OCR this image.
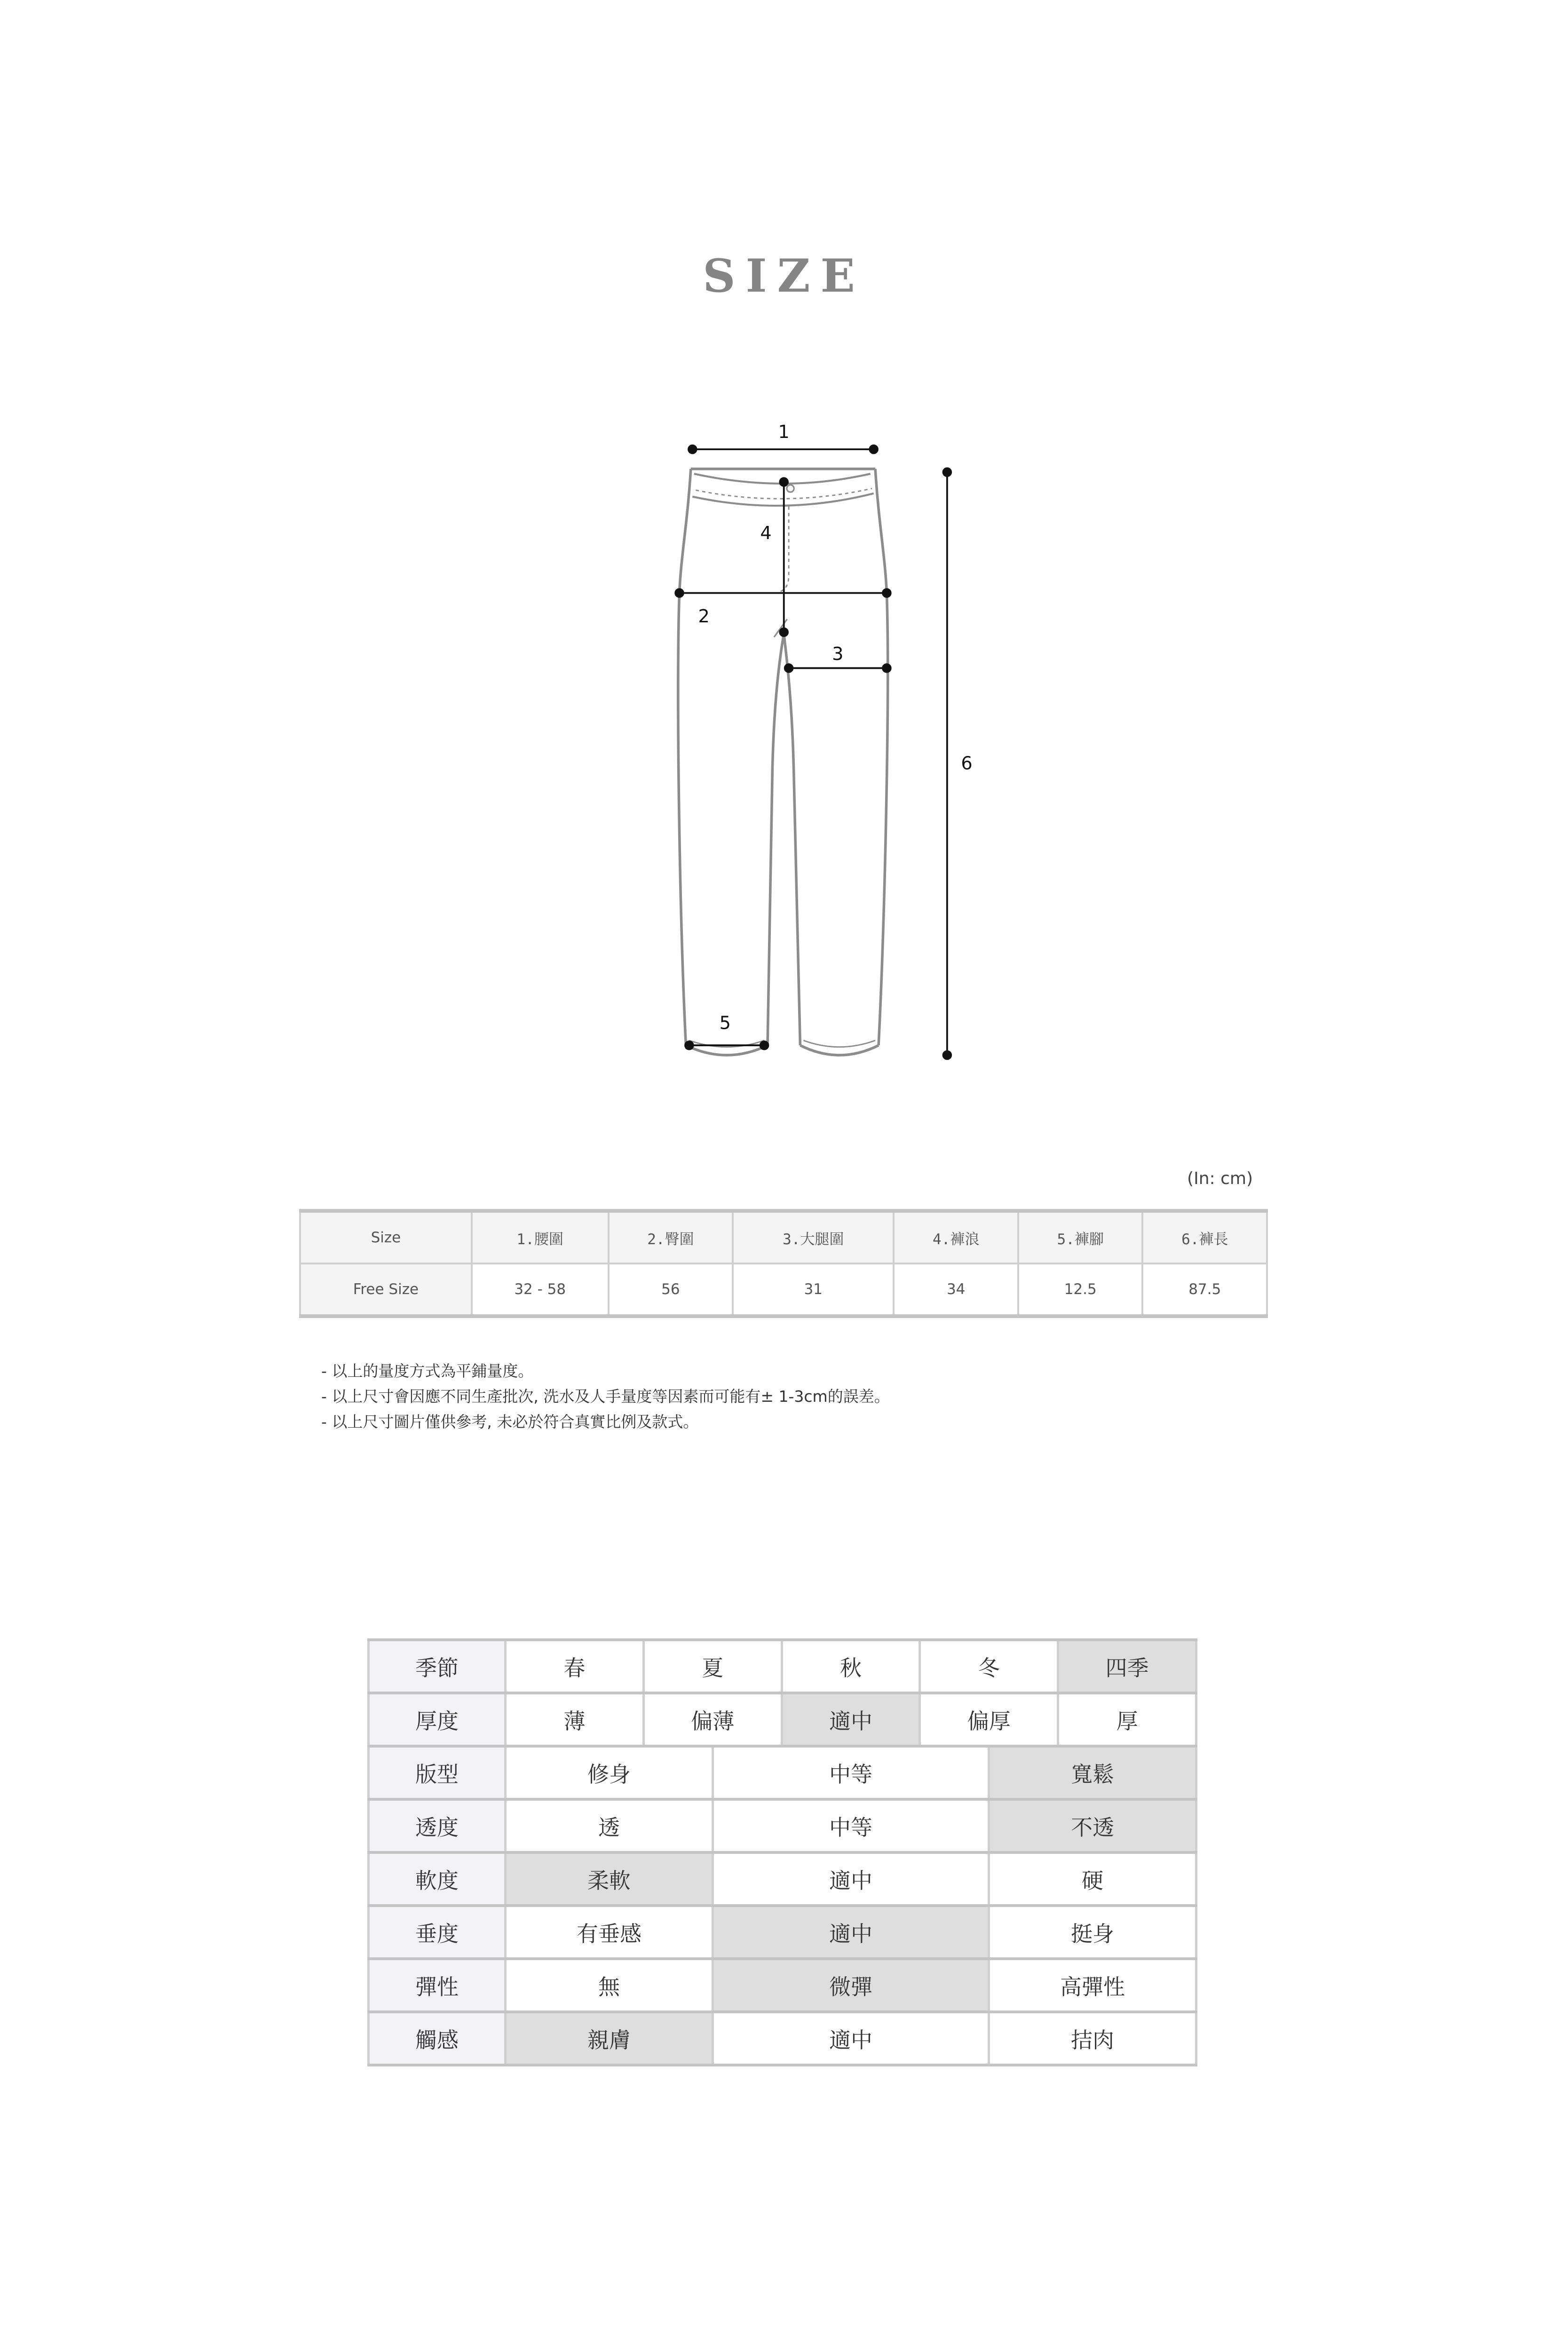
SIZE
1
2
3
4
5
6
(In: cm)
Size	1.腰圍	2.臀圍	3.大腿圍	4.褲浪	5.褲腳	6.褲長
Free Size	32 - 58	56	31	34	12.5	87.5
- 以上的量度方式為平鋪量度。
- 以上尺寸會因應不同生產批次, 洗水及人手量度等因素而可能有± 1-3cm的誤差。
- 以上尺寸圖片僅供參考, 未必於符合真實比例及款式。
季節	春	夏	秋	冬	四季
厚度	薄	偏薄	適中	偏厚	厚
版型	修身	中等	寬鬆
透度	透	中等	不透
軟度	柔軟	適中	硬
垂度	有垂感	適中	挺身
彈性	無	微彈	高彈性
觸感	親膚	適中	拮肉
